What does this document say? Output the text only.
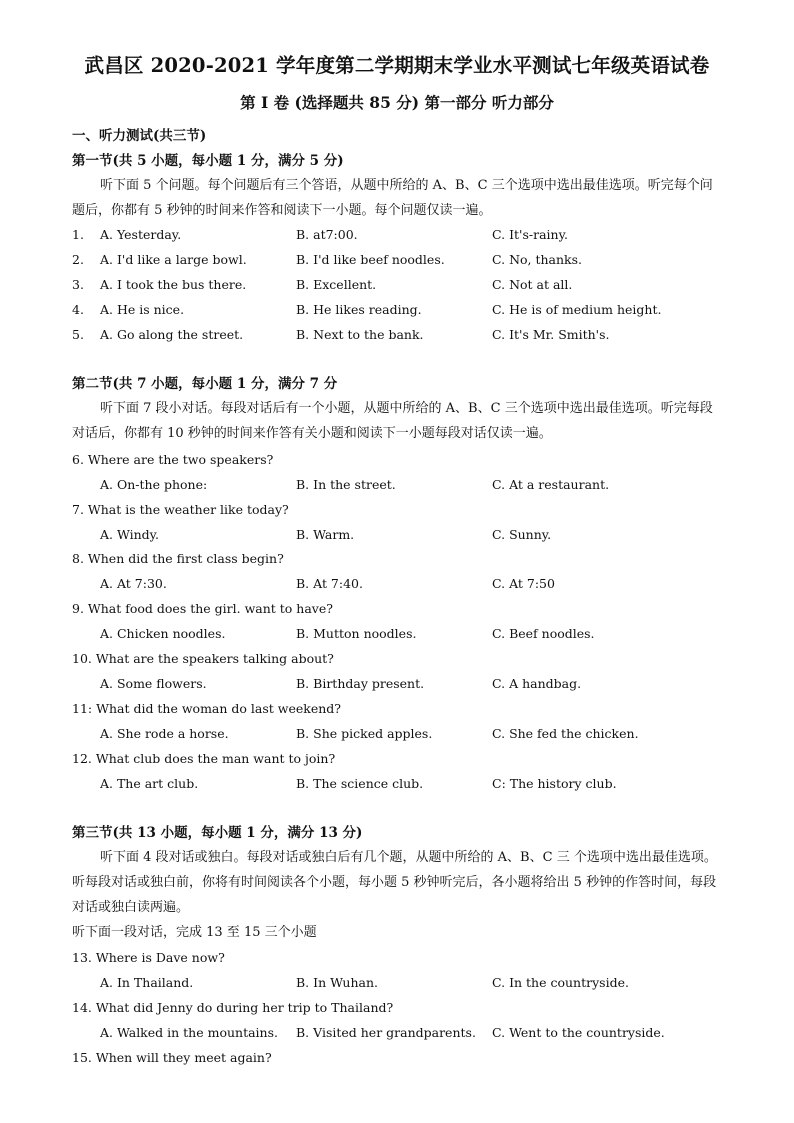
武昌区 2020-2021 学年度第二学期期末学业水平测试七年级英语试卷
第 I 卷 (选择题共 85 分) 第一部分 听力部分
一、听力测试(共三节)
第一节(共 5 小题，每小题 1 分，满分 5 分)
听下面 5 个问题。每个问题后有三个答语，从题中所给的 A、B、C 三个选项中选出最佳选项。听完每个问题后，你都有 5 秒钟的时间来作答和阅读下一小题。每个问题仅读一遍。
1. A. Yesterday.	B. at7:00.	C. It's-rainy.
2. A. I'd like a large bowl.	B. I'd like beef noodles.	C. No, thanks.
3. A. I took the bus there.	B. Excellent.	C. Not at all.
4. A. He is nice.	B. He likes reading.	C. He is of medium height.
5. A. Go along the street.	B. Next to the bank.	C. It's Mr. Smith's.
第二节(共 7 小题，每小题 1 分，满分 7 分
听下面 7 段小对话。每段对话后有一个小题，从题中所给的 A、B、C 三个选项中选出最佳选项。听完每段对话后，你都有 10 秒钟的时间来作答有关小题和阅读下一小题每段对话仅读一遍。
6. Where are the two speakers?
A. On-the phone:	B. In the street.	C. At a restaurant.
7. What is the weather like today?
A. Windy.	B. Warm.	C. Sunny.
8. When did the first class begin?
A. At 7:30.	B. At 7:40.	C. At 7:50
9. What food does the girl. want to have?
A. Chicken noodles.	B. Mutton noodles.	C. Beef noodles.
10. What are the speakers talking about?
A. Some flowers.	B. Birthday present.	C. A handbag.
11: What did the woman do last weekend?
A. She rode a horse.	B. She picked apples.	C. She fed the chicken.
12. What club does the man want to join?
A. The art club.	B. The science club.	C: The history club.
第三节(共 13 小题，每小题 1 分，满分 13 分)
听下面 4 段对话或独白。每段对话或独白后有几个题，从题中所给的 A、B、C 三 个选项中选出最佳选项。听每段对话或独白前，你将有时间阅读各个小题，每小题 5 秒钟听完后，各小题将给出 5 秒钟的作答时间，每段对话或独白读两遍。
听下面一段对话，完成 13 至 15 三个小题
13. Where is Dave now?
A. In Thailand.	B. In Wuhan.	C. In the countryside.
14. What did Jenny do during her trip to Thailand?
A. Walked in the mountains. B. Visited her grandparents. C. Went to the countryside.
15. When will they meet again?
